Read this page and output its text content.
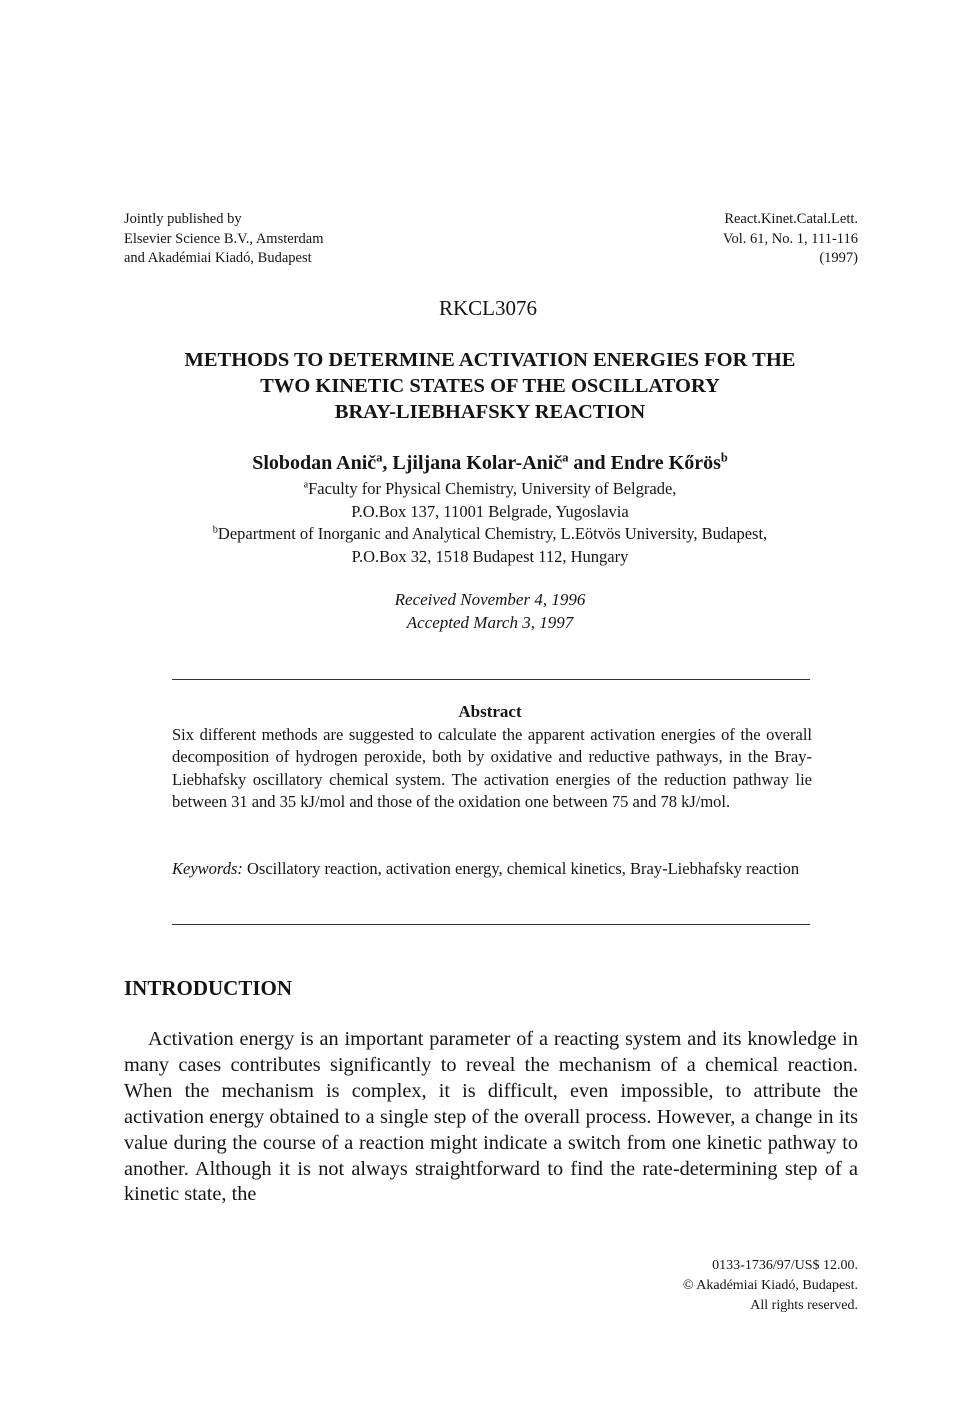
Jointly published by
Elsevier Science B.V., Amsterdam
and Akadémiai Kiadó, Budapest
React.Kinet.Catal.Lett.
Vol. 61, No. 1, 111-116
(1997)
RKCL3076
METHODS TO DETERMINE ACTIVATION ENERGIES FOR THE
TWO KINETIC STATES OF THE OSCILLATORY
BRAY-LIEBHAFSKY REACTION
Slobodan Anič$^a$, Ljiljana Kolar-Anič$^a$ and Endre Kőrös$^b$
$^a$Faculty for Physical Chemistry, University of Belgrade,
P.O.Box 137, 11001 Belgrade, Yugoslavia
$^b$Department of Inorganic and Analytical Chemistry, L.Eötvös University, Budapest,
P.O.Box 32, 1518 Budapest 112, Hungary
Received November 4, 1996
Accepted March 3, 1997
Abstract
Six different methods are suggested to calculate the apparent activation energies of the overall decomposition of hydrogen peroxide, both by oxidative and reductive pathways, in the Bray-Liebhafsky oscillatory chemical system. The activation energies of the reduction pathway lie between 31 and 35 kJ/mol and those of the oxidation one between 75 and 78 kJ/mol.
Keywords: Oscillatory reaction, activation energy, chemical kinetics, Bray-Liebhafsky reaction
INTRODUCTION
Activation energy is an important parameter of a reacting system and its knowledge in many cases contributes significantly to reveal the mechanism of a chemical reaction. When the mechanism is complex, it is difficult, even impossible, to attribute the activation energy obtained to a single step of the overall process. However, a change in its value during the course of a reaction might indicate a switch from one kinetic pathway to another. Although it is not always straightforward to find the rate-determining step of a kinetic state, the
0133-1736/97/US$ 12.00.
© Akadémiai Kiadó, Budapest.
All rights reserved.
